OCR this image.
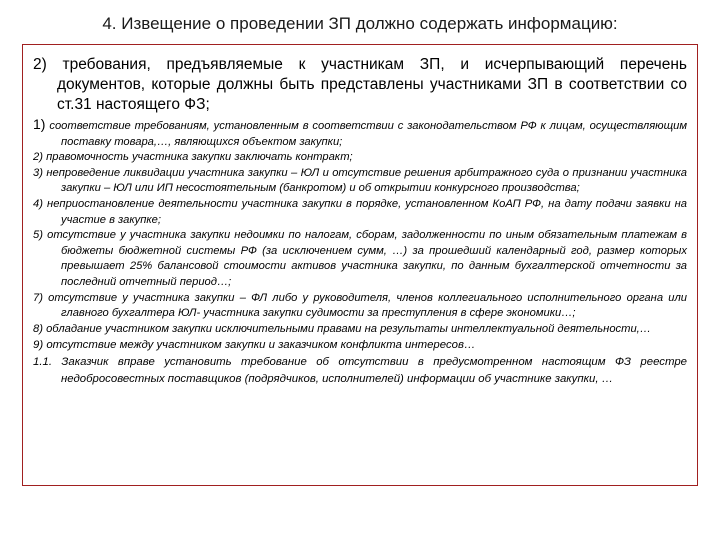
4. Извещение о проведении ЗП должно содержать информацию:

2) требования, предъявляемые к участникам ЗП, и исчерпывающий перечень документов, которые должны быть представлены участниками ЗП в соответствии со ст.31 настоящего ФЗ;

1) соответствие требованиям, установленным в соответствии с законодательством РФ к лицам, осуществляющим поставку товара,…, являющихся объектом закупки;
2) правомочность участника закупки заключать контракт;
3) непроведение ликвидации участника закупки – ЮЛ и отсутствие решения арбитражного суда о признании участника закупки – ЮЛ или ИП несостоятельным (банкротом) и об открытии конкурсного производства;
4) неприостановление деятельности участника закупки в порядке, установленном КоАП РФ, на дату подачи заявки на участие в закупке;
5) отсутствие у участника закупки недоимки по налогам, сборам, задолженности по иным обязательным платежам в бюджеты бюджетной системы РФ (за исключением сумм, …) за прошедший календарный год, размер которых превышает 25% балансовой стоимости активов участника закупки, по данным бухгалтерской отчетности за последний отчетный период…;
7) отсутствие у участника закупки – ФЛ либо у руководителя, членов коллегиального исполнительного органа или главного бухгалтера ЮЛ- участника закупки судимости за преступления в сфере экономики…;
8) обладание участником закупки исключительными правами на результаты интеллектуальной деятельности,…
9) отсутствие между участником закупки и заказчиком конфликта интересов…
1.1. Заказчик вправе установить требование об отсутствии в предусмотренном настоящим ФЗ реестре недобросовестных поставщиков (подрядчиков, исполнителей) информации об участнике закупки, …
